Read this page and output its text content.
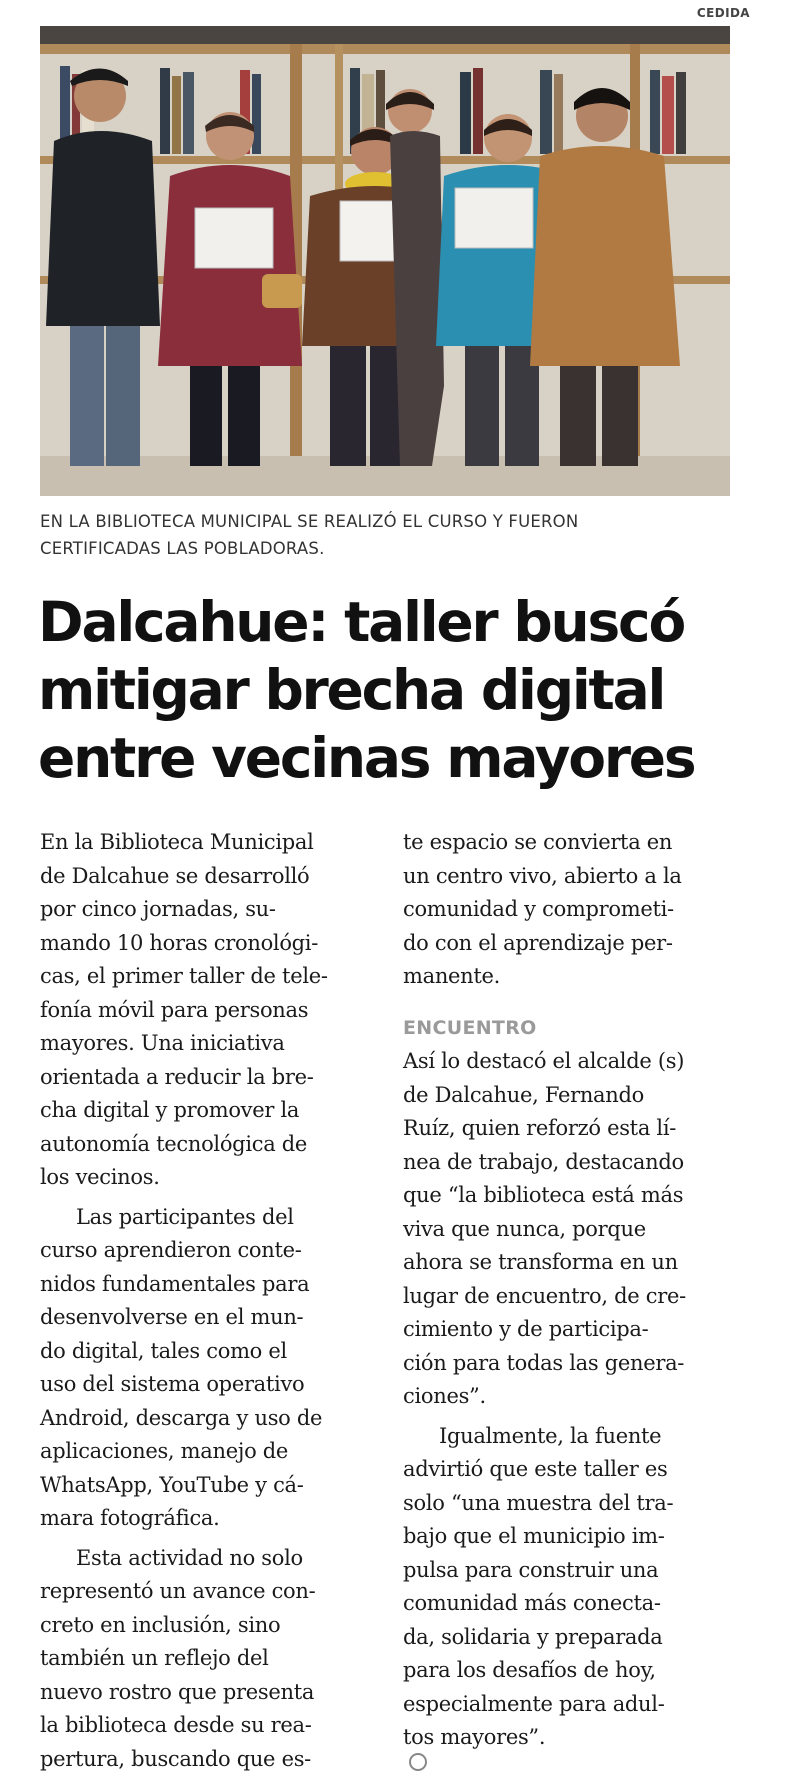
CEDIDA
EN LA BIBLIOTECA MUNICIPAL SE REALIZÓ EL CURSO Y FUERON
CERTIFICADAS LAS POBLADORAS.
Dalcahue: taller buscó
mitigar brecha digital
entre vecinas mayores
En la Biblioteca Municipal
de Dalcahue se desarrolló
por cinco jornadas, su-
mando 10 horas cronológi-
cas, el primer taller de tele-
fonía móvil para personas
mayores. Una iniciativa
orientada a reducir la bre-
cha digital y promover la
autonomía tecnológica de
los vecinos.
Las participantes del
curso aprendieron conte-
nidos fundamentales para
desenvolverse en el mun-
do digital, tales como el
uso del sistema operativo
Android, descarga y uso de
aplicaciones, manejo de
WhatsApp, YouTube y cá-
mara fotográfica.
Esta actividad no solo
representó un avance con-
creto en inclusión, sino
también un reflejo del
nuevo rostro que presenta
la biblioteca desde su rea-
pertura, buscando que es-
te espacio se convierta en
un centro vivo, abierto a la
comunidad y comprometi-
do con el aprendizaje per-
manente.
ENCUENTRO
Así lo destacó el alcalde (s)
de Dalcahue, Fernando
Ruíz, quien reforzó esta lí-
nea de trabajo, destacando
que “la biblioteca está más
viva que nunca, porque
ahora se transforma en un
lugar de encuentro, de cre-
cimiento y de participa-
ción para todas las genera-
ciones”.
Igualmente, la fuente
advirtió que este taller es
solo “una muestra del tra-
bajo que el municipio im-
pulsa para construir una
comunidad más conecta-
da, solidaria y preparada
para los desafíos de hoy,
especialmente para adul-
tos mayores”.
